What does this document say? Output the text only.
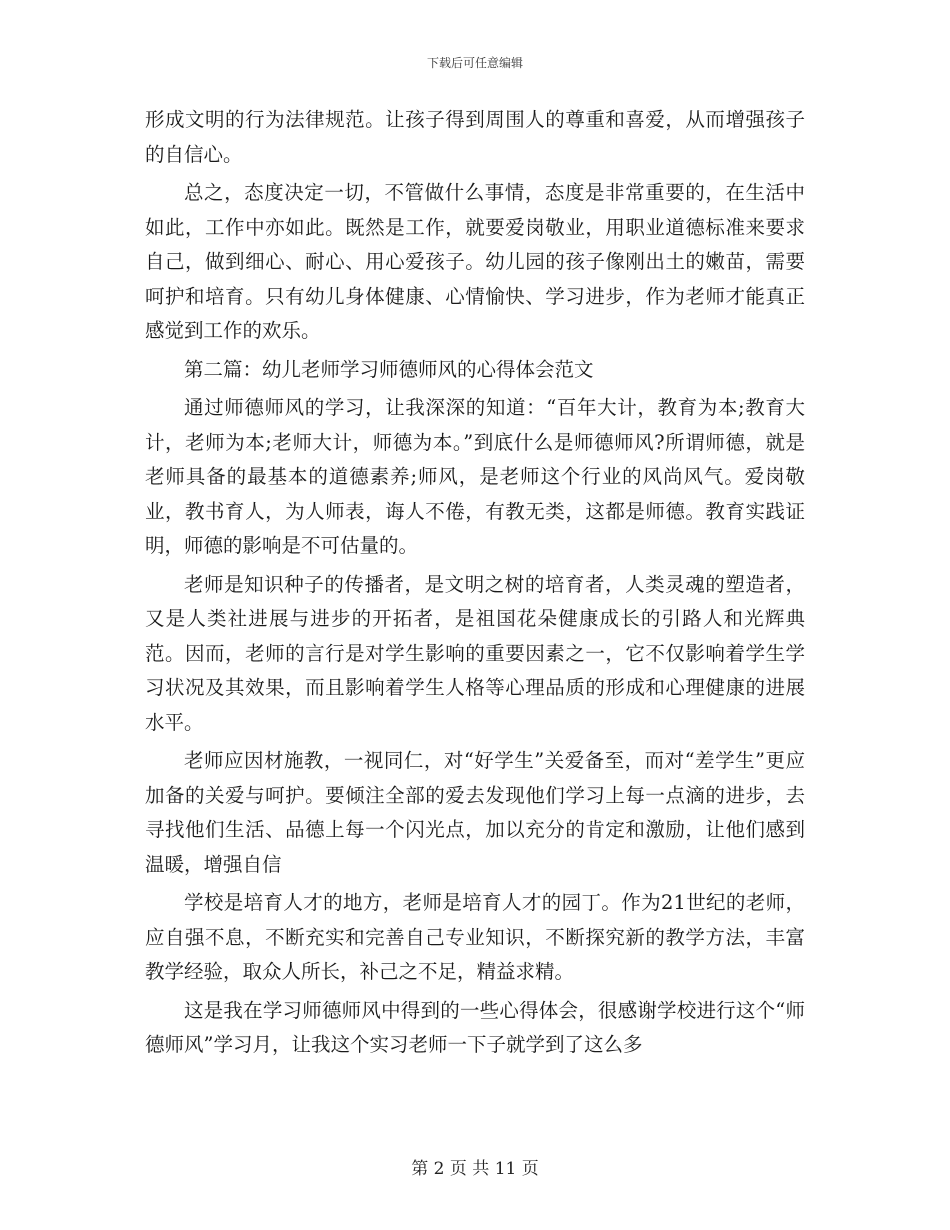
下载后可任意编辑

形成文明的行为法律规范。让孩子得到周围人的尊重和喜爱，从而增强孩子的自信心。

总之，态度决定一切，不管做什么事情，态度是非常重要的，在生活中如此，工作中亦如此。既然是工作，就要爱岗敬业，用职业道德标准来要求自己，做到细心、耐心、用心爱孩子。幼儿园的孩子像刚出土的嫩苗，需要呵护和培育。只有幼儿身体健康、心情愉快、学习进步，作为老师才能真正感觉到工作的欢乐。

第二篇：幼儿老师学习师德师风的心得体会范文

通过师德师风的学习，让我深深的知道：“百年大计，教育为本;教育大计，老师为本;老师大计，师德为本。”到底什么是师德师风?所谓师德，就是老师具备的最基本的道德素养;师风，是老师这个行业的风尚风气。爱岗敬业，教书育人，为人师表，诲人不倦，有教无类，这都是师德。教育实践证明，师德的影响是不可估量的。

老师是知识种子的传播者，是文明之树的培育者，人类灵魂的塑造者，又是人类社进展与进步的开拓者，是祖国花朵健康成长的引路人和光辉典范。因而，老师的言行是对学生影响的重要因素之一，它不仅影响着学生学习状况及其效果，而且影响着学生人格等心理品质的形成和心理健康的进展水平。

老师应因材施教，一视同仁，对“好学生”关爱备至，而对“差学生”更应加备的关爱与呵护。要倾注全部的爱去发现他们学习上每一点滴的进步，去寻找他们生活、品德上每一个闪光点，加以充分的肯定和激励，让他们感到温暖，增强自信

学校是培育人才的地方，老师是培育人才的园丁。作为21世纪的老师，应自强不息，不断充实和完善自己专业知识，不断探究新的教学方法，丰富教学经验，取众人所长，补己之不足，精益求精。

这是我在学习师德师风中得到的一些心得体会，很感谢学校进行这个“师德师风”学习月，让我这个实习老师一下子就学到了这么多

第 2 页 共 11 页
